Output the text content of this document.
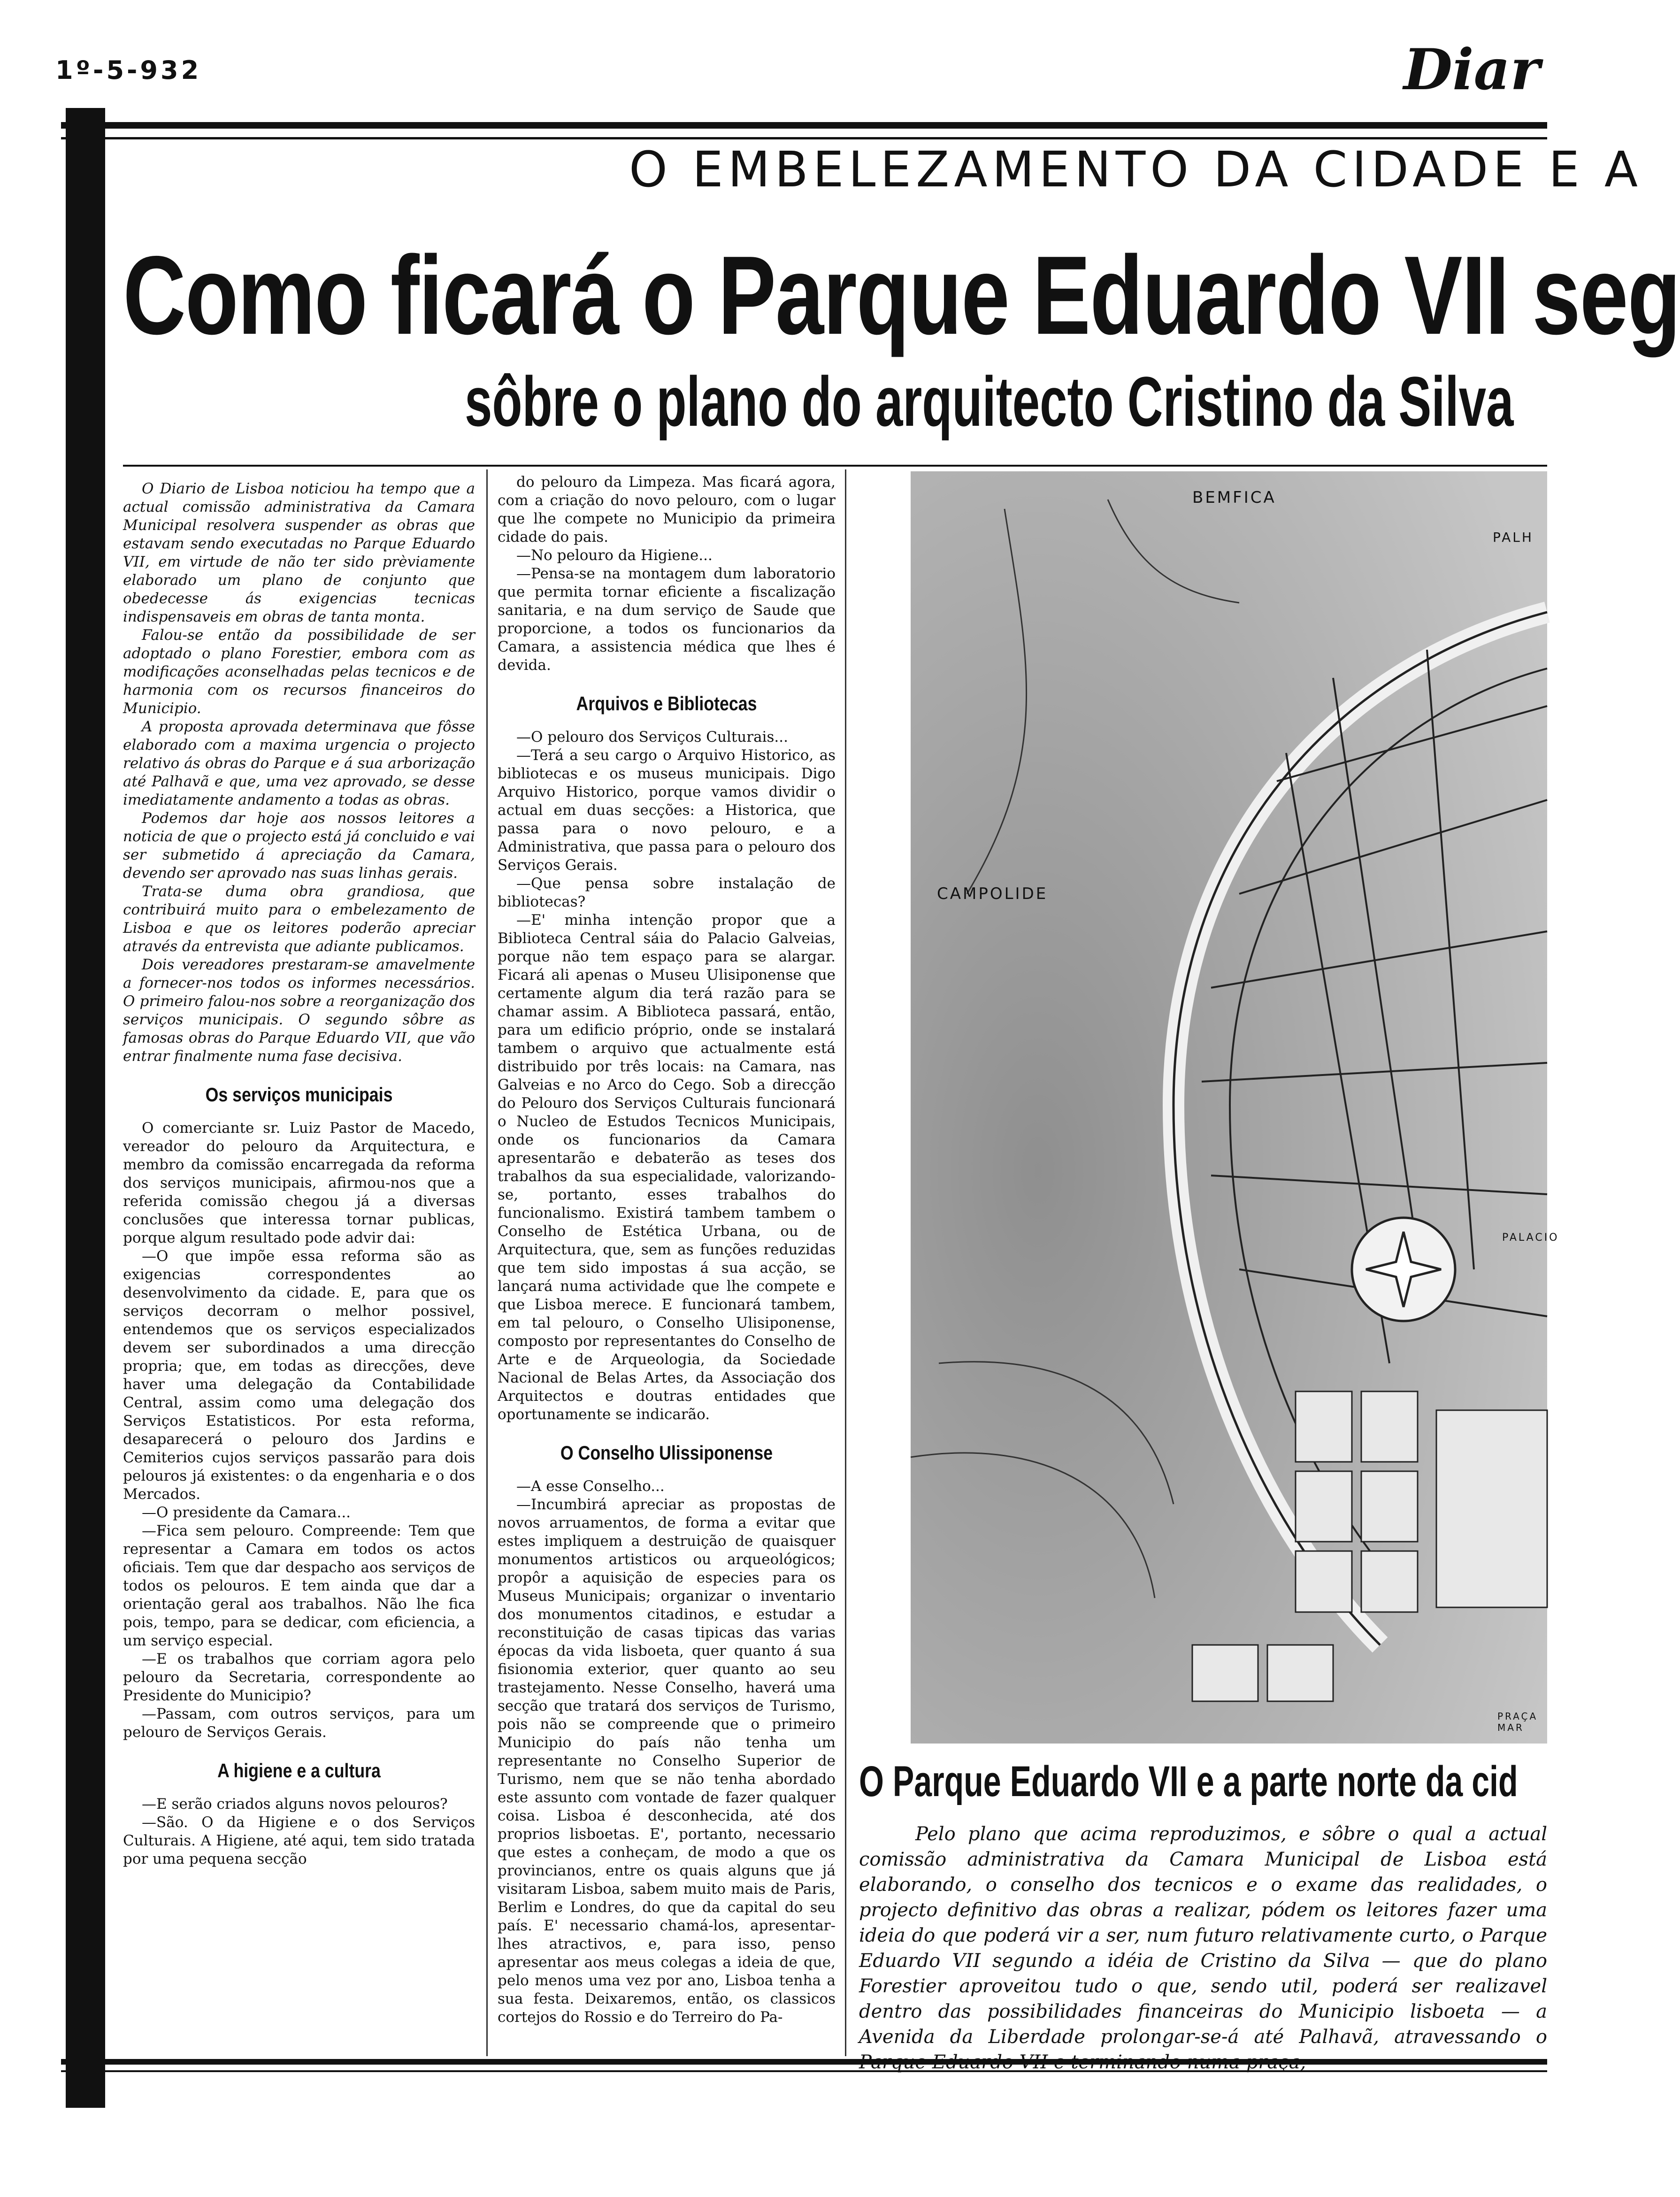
1º-5-932	Diar
O EMBELEZAMENTO DA CIDADE E A
Como ficará o Parque Eduardo VII seg
sôbre o plano do arquitecto Cristino da Silva

O Diario de Lisboa noticiou ha tempo que a actual comissão administrativa da Camara Municipal resolvera suspender as obras que estavam sendo executadas no Parque Eduardo VII, em virtude de não ter sido prèviamente elaborado um plano de conjunto que obedecesse ás exigencias tecnicas indispensaveis em obras de tanta monta.

Falou-se então da possibilidade de ser adoptado o plano Forestier, embora com as modificações aconselhadas pelas tecnicos e de harmonia com os recursos financeiros do Municipio.

A proposta aprovada determinava que fôsse elaborado com a maxima urgencia o projecto relativo ás obras do Parque e á sua arborização até Palhavã e que, uma vez aprovado, se desse imediatamente andamento a todas as obras.

Podemos dar hoje aos nossos leitores a noticia de que o projecto está já concluido e vai ser submetido á apreciação da Camara, devendo ser aprovado nas suas linhas gerais.

Trata-se duma obra grandiosa, que contribuirá muito para o embelezamento de Lisboa e que os leitores poderão apreciar através da entrevista que adiante publicamos.

Dois vereadores prestaram-se amavelmente a fornecer-nos todos os informes necessários. O primeiro falou-nos sobre a reorganização dos serviços municipais. O segundo sôbre as famosas obras do Parque Eduardo VII, que vão entrar finalmente numa fase decisiva.

Os serviços municipais

O comerciante sr. Luiz Pastor de Macedo, vereador do pelouro da Arquitectura, e membro da comissão encarregada da reforma dos serviços municipais, afirmou-nos que a referida comissão chegou já a diversas conclusões que interessa tornar publicas, porque algum resultado pode advir dai:

—O que impõe essa reforma são as exigencias correspondentes ao desenvolvimento da cidade. E, para que os serviços decorram o melhor possivel, entendemos que os serviços especializados devem ser subordinados a uma direcção propria; que, em todas as direcções, deve haver uma delegação da Contabilidade Central, assim como uma delegação dos Serviços Estatisticos. Por esta reforma, desaparecerá o pelouro dos Jardins e Cemiterios cujos serviços passarão para dois pelouros já existentes: o da engenharia e o dos Mercados.

—O presidente da Camara...

—Fica sem pelouro. Compreende: Tem que representar a Camara em todos os actos oficiais. Tem que dar despacho aos serviços de todos os pelouros. E tem ainda que dar a orientação geral aos trabalhos. Não lhe fica pois, tempo, para se dedicar, com eficiencia, a um serviço especial.

—E os trabalhos que corriam agora pelo pelouro da Secretaria, correspondente ao Presidente do Municipio?

—Passam, com outros serviços, para um pelouro de Serviços Gerais.

A higiene e a cultura

—E serão criados alguns novos pelouros?

—São. O da Higiene e o dos Serviços Culturais. A Higiene, até aqui, tem sido tratada por uma pequena secção

do pelouro da Limpeza. Mas ficará agora, com a criação do novo pelouro, com o lugar que lhe compete no Municipio da primeira cidade do pais.

—No pelouro da Higiene...

—Pensa-se na montagem dum laboratorio que permita tornar eficiente a fiscalização sanitaria, e na dum serviço de Saude que proporcione, a todos os funcionarios da Camara, a assistencia médica que lhes é devida.

Arquivos e Bibliotecas

—O pelouro dos Serviços Culturais...

—Terá a seu cargo o Arquivo Historico, as bibliotecas e os museus municipais. Digo Arquivo Historico, porque vamos dividir o actual em duas secções: a Historica, que passa para o novo pelouro, e a Administrativa, que passa para o pelouro dos Serviços Gerais.

—Que pensa sobre instalação de bibliotecas?

—E' minha intenção propor que a Biblioteca Central sáia do Palacio Galveias, porque não tem espaço para se alargar. Ficará ali apenas o Museu Ulisiponense que certamente algum dia terá razão para se chamar assim. A Biblioteca passará, então, para um edificio próprio, onde se instalará tambem o arquivo que actualmente está distribuido por três locais: na Camara, nas Galveias e no Arco do Cego. Sob a direcção do Pelouro dos Serviços Culturais funcionará o Nucleo de Estudos Tecnicos Municipais, onde os funcionarios da Camara apresentarão e debaterão as teses dos trabalhos da sua especialidade, valorizando-se, portanto, esses trabalhos do funcionalismo. Existirá tambem tambem o Conselho de Estética Urbana, ou de Arquitectura, que, sem as funções reduzidas que tem sido impostas á sua acção, se lançará numa actividade que lhe compete e que Lisboa merece. E funcionará tambem, em tal pelouro, o Conselho Ulisiponense, composto por representantes do Conselho de Arte e de Arqueologia, da Sociedade Nacional de Belas Artes, da Associação dos Arquitectos e doutras entidades que oportunamente se indicarão.

O Conselho Ulissiponense

—A esse Conselho...

—Incumbirá apreciar as propostas de novos arruamentos, de forma a evitar que estes impliquem a destruição de quaisquer monumentos artisticos ou arqueológicos; propôr a aquisição de especies para os Museus Municipais; organizar o inventario dos monumentos citadinos, e estudar a reconstituição de casas tipicas das varias épocas da vida lisboeta, quer quanto á sua fisionomia exterior, quer quanto ao seu trastejamento. Nesse Conselho, haverá uma secção que tratará dos serviços de Turismo, pois não se compreende que o primeiro Municipio do país não tenha um representante no Conselho Superior de Turismo, nem que se não tenha abordado este assunto com vontade de fazer qualquer coisa. Lisboa é desconhecida, até dos proprios lisboetas. E', portanto, necessario que estes a conheçam, de modo a que os provincianos, entre os quais alguns que já visitaram Lisboa, sabem muito mais de Paris, Berlim e Londres, do que da capital do seu país. E' necessario chamá-los, apresentar-lhes atractivos, e, para isso, penso apresentar aos meus colegas a ideia de que, pelo menos uma vez por ano, Lisboa tenha a sua festa. Deixaremos, então, os classicos cortejos do Rossio e do Terreiro do Pa-

BEMFICA
PALH
CAMPOLIDE
PALACIO
PRAÇA MAR
O Parque Eduardo VII e a parte norte da cid

Pelo plano que acima reproduzimos, e sôbre o qual a actual comissão administrativa da Camara Municipal de Lisboa está elaborando, o conselho dos tecnicos e o exame das realidades, o projecto definitivo das obras a realizar, pódem os leitores fazer uma ideia do que poderá vir a ser, num futuro relativamente curto, o Parque Eduardo VII segundo a idéia de Cristino da Silva — que do plano Forestier aproveitou tudo o que, sendo util, poderá ser realizavel dentro das possibilidades financeiras do Municipio lisboeta — a Avenida da Liberdade prolongar-se-á até Palhavã, atravessando o
